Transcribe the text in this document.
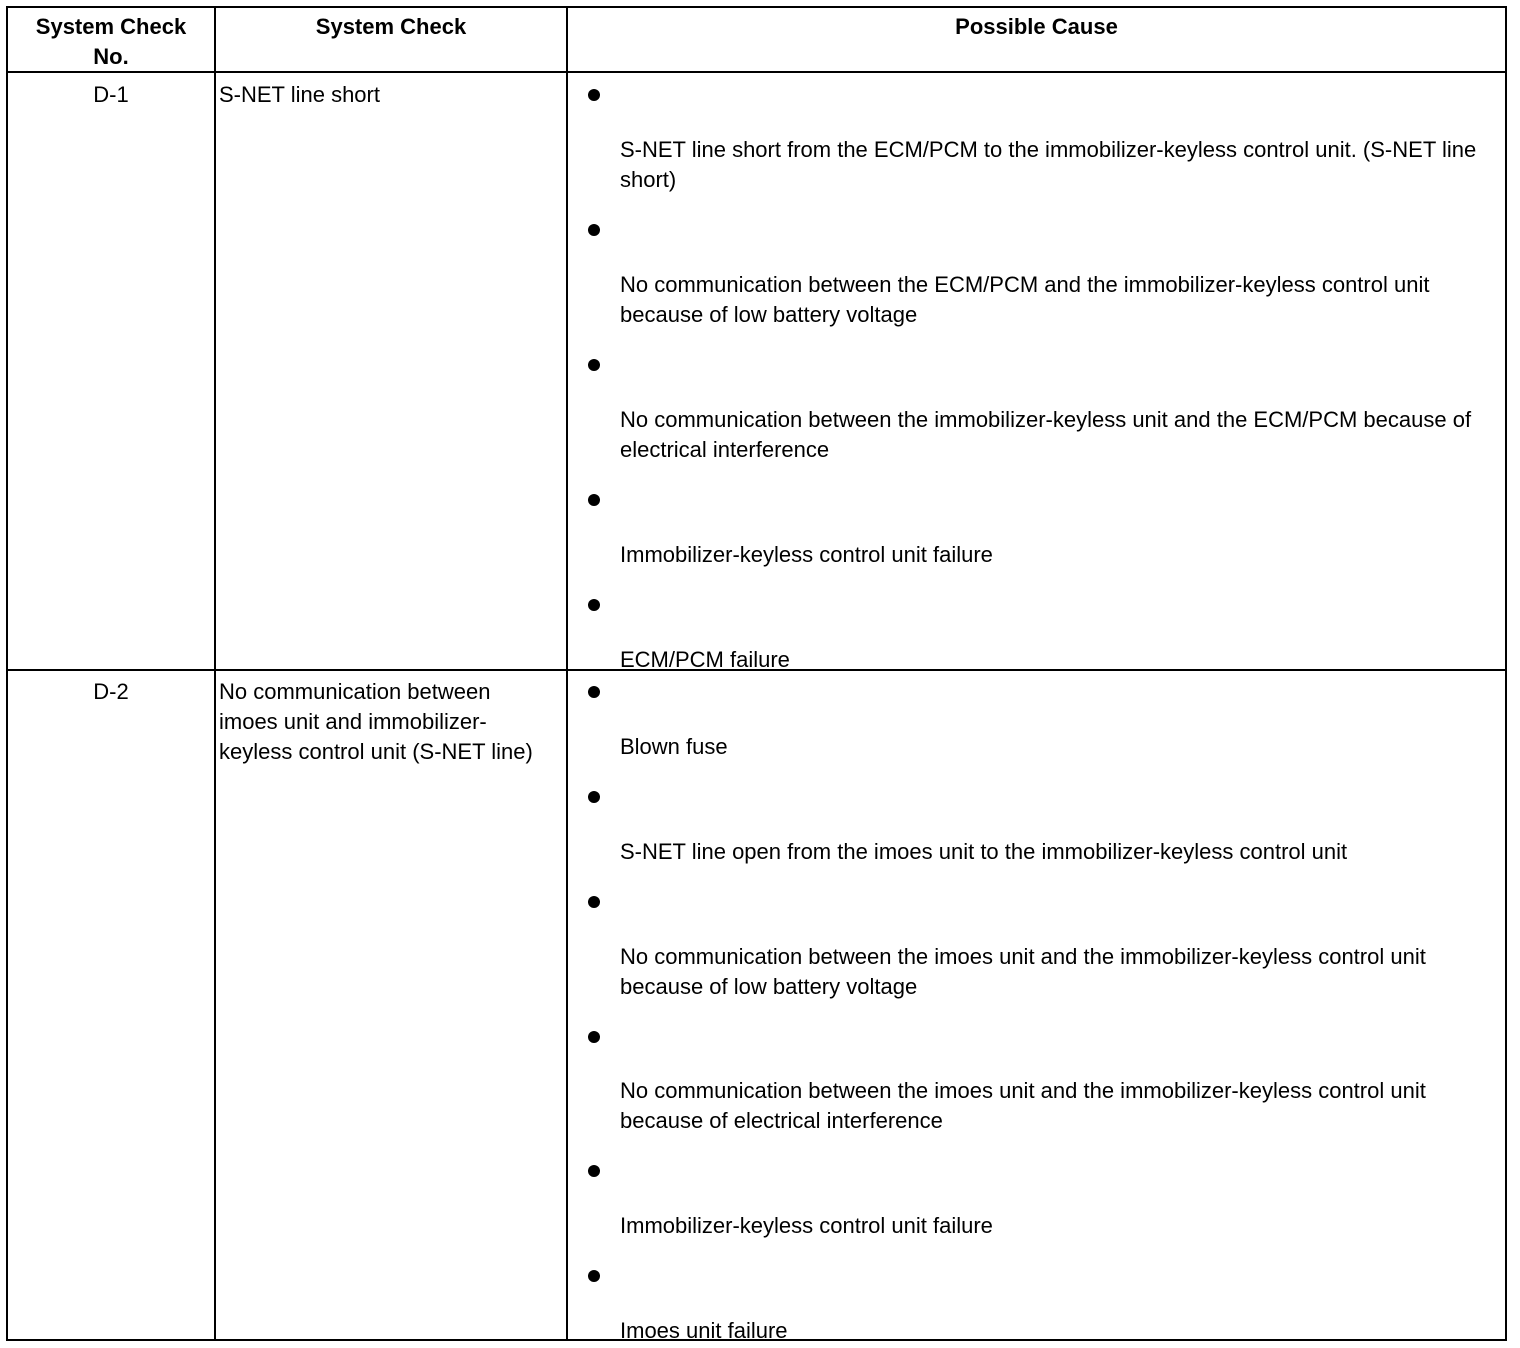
System Check
No.
System Check	Possible Cause
D-1	S-NET line short
S-NET line short from the ECM/PCM to the immobilizer-keyless control unit. (S-NET line short)
No communication between the ECM/PCM and the immobilizer-keyless control unit because of low battery voltage
No communication between the immobilizer-keyless unit and the ECM/PCM because of electrical interference
Immobilizer-keyless control unit failure
ECM/PCM failure
D-2	No communication between imoes unit and immobilizer-keyless control unit (S-NET line)	Blown fuse
S-NET line open from the imoes unit to the immobilizer-keyless control unit
No communication between the imoes unit and the immobilizer-keyless control unit because of low battery voltage
No communication between the imoes unit and the immobilizer-keyless control unit because of electrical interference
Immobilizer-keyless control unit failure
Imoes unit failure
